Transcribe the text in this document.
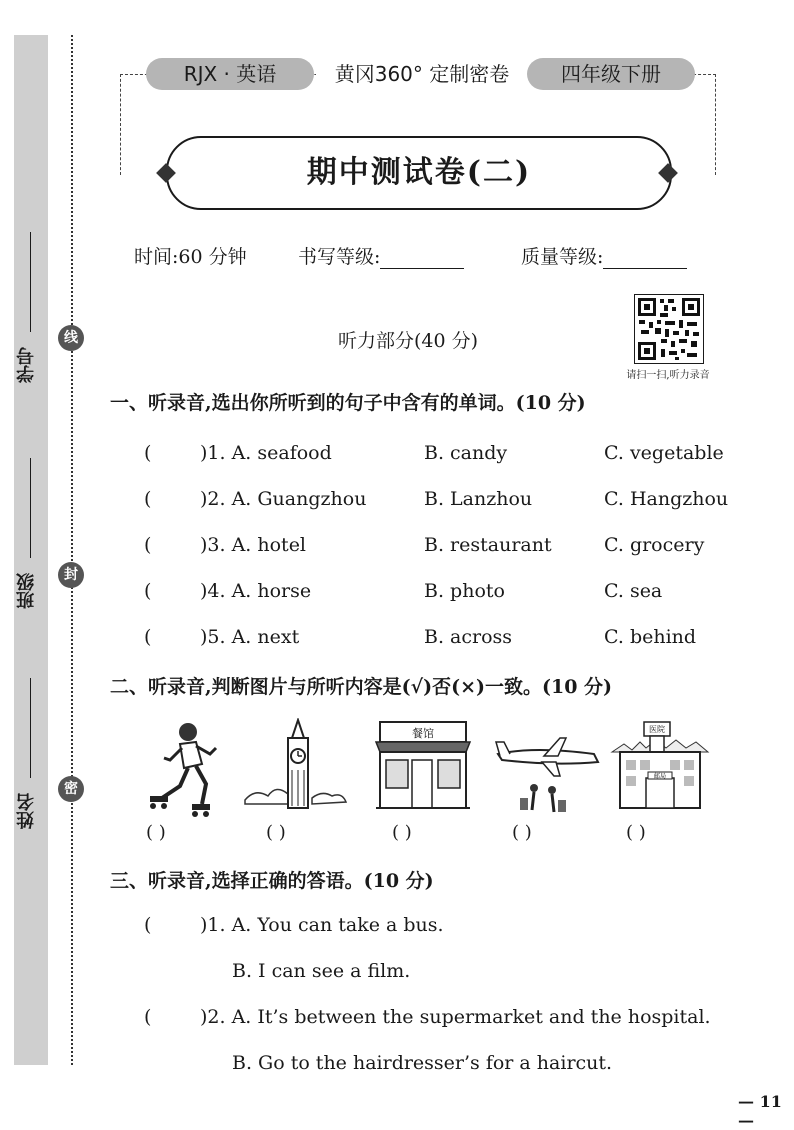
学号
班级
姓名
线
封
密
RJX · 英语	黄冈360° 定制密卷	四年级下册
期中测试卷(二)
时间:60 分钟	书写等级:	质量等级:
请扫一扫,听力录音
听力部分(40 分)
一、听录音,选出你所听到的句子中含有的单词。(10 分)
(	)1. A. seafood	B. candy	C. vegetable
(	)2. A. Guangzhou	B. Lanzhou	C. Hangzhou
(	)3. A. hotel	B. restaurant	C. grocery
(	)4. A. horse	B. photo	C. sea
(	)5. A. next	B. across	C. behind
二、听录音,判断图片与所听内容是(√)否(×)一致。(10 分)
餐馆	医院
邮局
( )	( )	( )	( )	( )
三、听录音,选择正确的答语。(10 分)
(	)1. A. You can take a bus.
B. I can see a film.
(	)2. A. It’s between the supermarket and the hospital.
B. Go to the hairdresser’s for a haircut.
— 11 —
